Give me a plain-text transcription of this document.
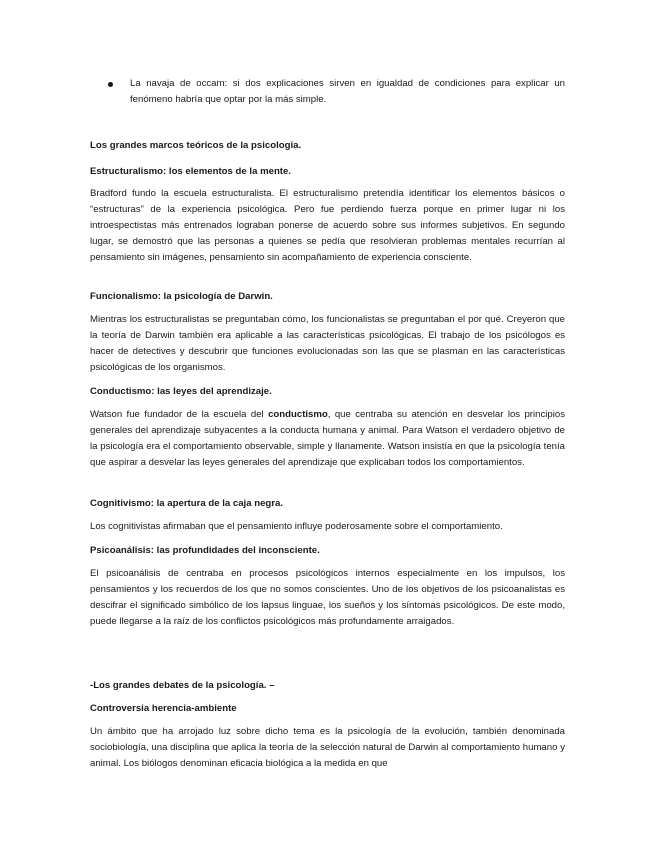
La navaja de occam: si dos explicaciones sirven en igualdad de condiciones para explicar un fenómeno habría que optar por la más simple.

Los grandes marcos teóricos de la psicología.

Estructuralismo: los elementos de la mente.

Bradford fundo la escuela estructuralista. El estructuralismo pretendía identificar los elementos básicos o “estructuras” de la experiencia psicológica. Pero fue perdiendo fuerza porque en primer lugar ni los introespectistas más entrenados lograban ponerse de acuerdo sobre sus informes subjetivos. En segundo lugar, se demostró que las personas a quienes se pedía que resolvieran problemas mentales recurrían al pensamiento sin imágenes, pensamiento sin acompañamiento de experiencia consciente.

Funcionalismo: la psicología de Darwin.

Mientras los estructuralistas se preguntaban cómo, los funcionalistas se preguntaban el por qué. Creyeron que la teoría de Darwin también era aplicable a las características psicológicas. El trabajo de los psicólogos es hacer de detectives y descubrir que funciones evolucionadas son las que se plasman en las características psicológicas de los organismos.

Conductismo: las leyes del aprendizaje.

Watson fue fundador de la escuela del conductismo, que centraba su atención en desvelar los principios generales del aprendizaje subyacentes a la conducta humana y animal. Para Watson el verdadero objetivo de la psicología era el comportamiento observable, simple y llanamente. Watson insistía en que la psicología tenía que aspirar a desvelar las leyes generales del aprendizaje que explicaban todos los comportamientos.

Cognitivismo: la apertura de la caja negra.

Los cognitivistas afirmaban que el pensamiento influye poderosamente sobre el comportamiento.

Psicoanálisis: las profundidades del inconsciente.

El psicoanálisis de centraba en procesos psicológicos internos especialmente en los impulsos, los pensamientos y los recuerdos de los que no somos conscientes. Uno de los objetivos de los psicoanalistas es descifrar el significado simbólico de los lapsus linguae, los sueños y los síntomas psicológicos. De este modo, puede llegarse a la raíz de los conflictos psicológicos más profundamente arraigados.

-Los grandes debates de la psicología. –

Controversia herencia-ambiente

Un ámbito que ha arrojado luz sobre dicho tema es la psicología de la evolución, también denominada sociobiología, una disciplina que aplica la teoría de la selección natural de Darwin al comportamiento humano y animal. Los biólogos denominan eficacia biológica a la medida en que
